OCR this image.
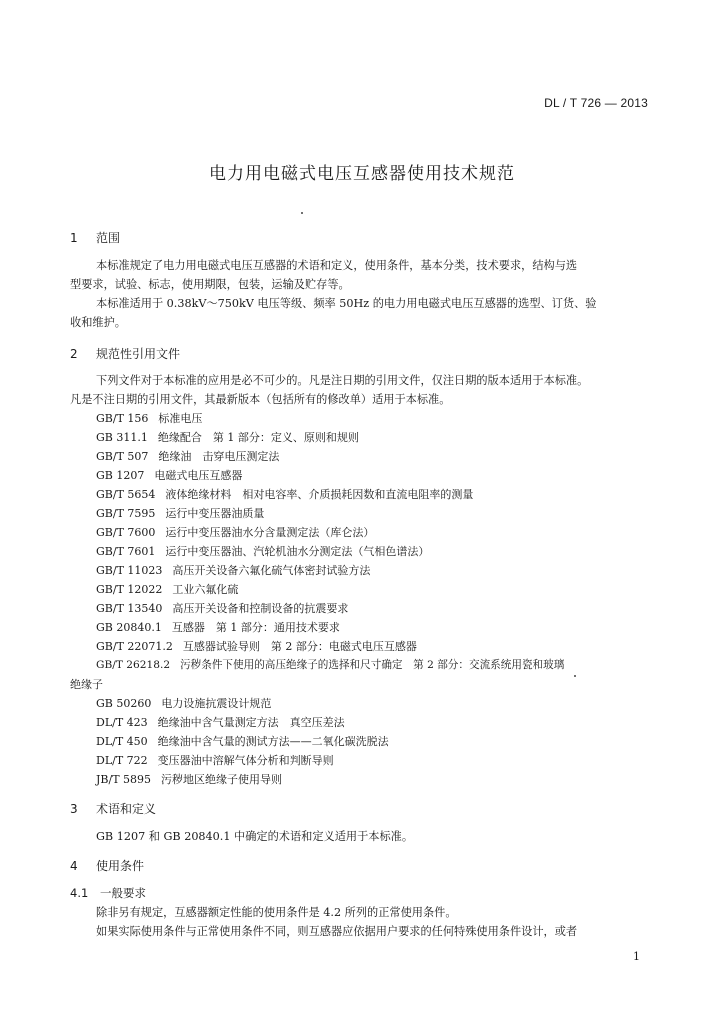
DL / T 726 — 2013
电力用电磁式电压互感器使用技术规范
1 范围
本标准规定了电力用电磁式电压互感器的术语和定义，使用条件，基本分类，技术要求，结构与选
型要求，试验、标志，使用期限，包装，运输及贮存等。
本标准适用于 0.38kV～750kV 电压等级、频率 50Hz 的电力用电磁式电压互感器的选型、订货、验
收和维护。
2 规范性引用文件
下列文件对于本标准的应用是必不可少的。凡是注日期的引用文件，仅注日期的版本适用于本标准。
凡是不注日期的引用文件，其最新版本（包括所有的修改单）适用于本标准。
GB/T 156 标准电压
GB 311.1 绝缘配合　第 1 部分：定义、原则和规则
GB/T 507 绝缘油　击穿电压测定法
GB 1207 电磁式电压互感器
GB/T 5654 液体绝缘材料　相对电容率、介质损耗因数和直流电阻率的测量
GB/T 7595 运行中变压器油质量
GB/T 7600 运行中变压器油水分含量测定法（库仑法）
GB/T 7601 运行中变压器油、汽轮机油水分测定法（气相色谱法）
GB/T 11023 高压开关设备六氟化硫气体密封试验方法
GB/T 12022 工业六氟化硫
GB/T 13540 高压开关设备和控制设备的抗震要求
GB 20840.1 互感器　第 1 部分：通用技术要求
GB/T 22071.2 互感器试验导则　第 2 部分：电磁式电压互感器
GB/T 26218.2 污秽条件下使用的高压绝缘子的选择和尺寸确定　第 2 部分：交流系统用瓷和玻璃
绝缘子
GB 50260 电力设施抗震设计规范
DL/T 423 绝缘油中含气量测定方法　真空压差法
DL/T 450 绝缘油中含气量的测试方法——二氧化碳洗脱法
DL/T 722 变压器油中溶解气体分析和判断导则
JB/T 5895 污秽地区绝缘子使用导则
3 术语和定义
GB 1207 和 GB 20840.1 中确定的术语和定义适用于本标准。
4 使用条件
4.1 一般要求
除非另有规定，互感器额定性能的使用条件是 4.2 所列的正常使用条件。
如果实际使用条件与正常使用条件不同，则互感器应依据用户要求的任何特殊使用条件设计，或者
1
